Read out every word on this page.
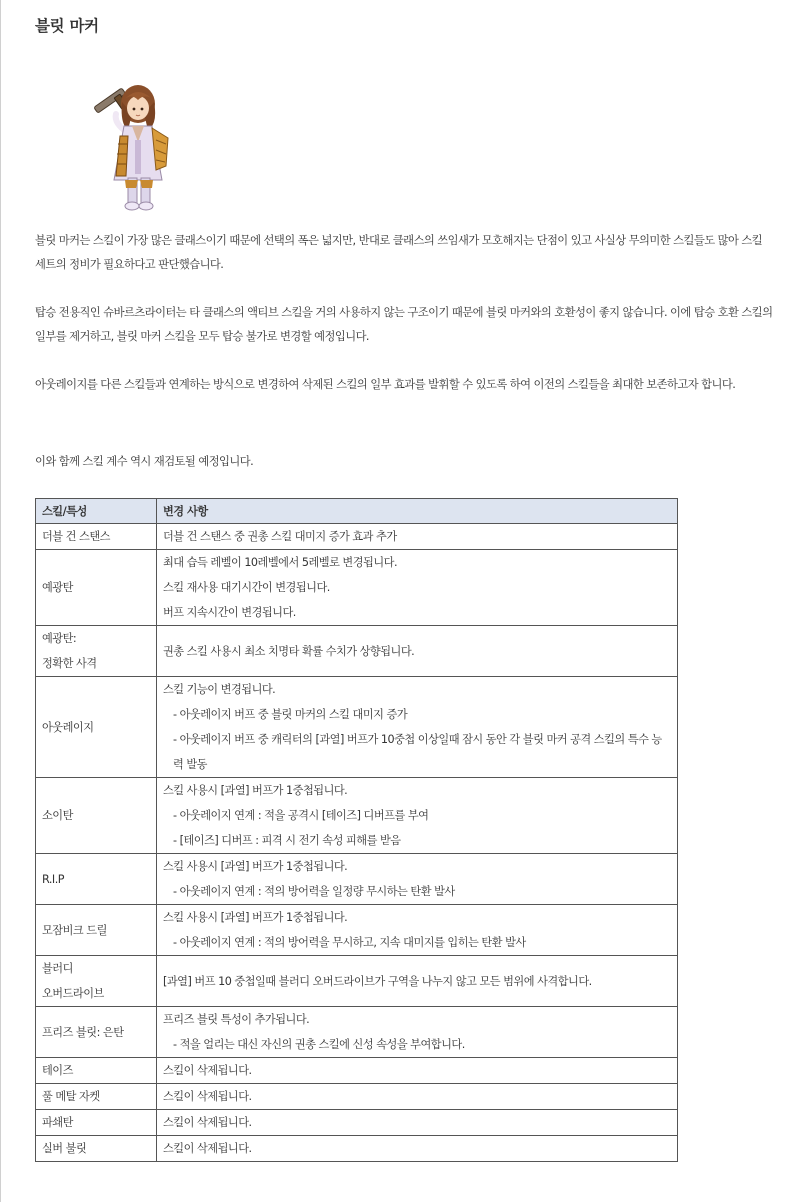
블릿 마커

블릿 마커는 스킬이 가장 많은 클래스이기 때문에 선택의 폭은 넓지만, 반대로 클래스의 쓰임새가 모호해지는 단점이 있고 사실상 무의미한 스킬들도 많아 스킬 세트의 정비가 필요하다고 판단했습니다.

탑승 전용직인 슈바르츠라이터는 타 클래스의 액티브 스킬을 거의 사용하지 않는 구조이기 때문에 블릿 마커와의 호환성이 좋지 않습니다. 이에 탑승 호환 스킬의 일부를 제거하고, 블릿 마커 스킬을 모두 탑승 불가로 변경할 예정입니다.

아웃레이지를 다른 스킬들과 연계하는 방식으로 변경하여 삭제된 스킬의 일부 효과를 발휘할 수 있도록 하여 이전의 스킬들을 최대한 보존하고자 합니다.

이와 함께 스킬 계수 역시 재검토될 예정입니다.

스킬/특성	변경 사항

더블 건 스탠스	더블 건 스탠스 중 권총 스킬 대미지 증가 효과 추가

예광탄	최대 습득 레벨이 10레벨에서 5레벨로 변경됩니다.
스킬 재사용 대기시간이 변경됩니다.
버프 지속시간이 변경됩니다.

예광탄:
정확한 사격	권총 스킬 사용시 최소 치명타 확률 수치가 상향됩니다.

아웃레이지	스킬 기능이 변경됩니다.
- 아웃레이지 버프 중 블릿 마커의 스킬 대미지 증가
- 아웃레이지 버프 중 캐릭터의 [과열] 버프가 10중첩 이상일때 잠시 동안 각 블릿 마커 공격 스킬의 특수 능력 발동

소이탄	스킬 사용시 [과열] 버프가 1중첩됩니다.
- 아웃레이지 연계 : 적을 공격시 [테이즈] 디버프를 부여
- [테이즈] 디버프 : 피격 시 전기 속성 피해를 받음

R.I.P	스킬 사용시 [과열] 버프가 1중첩됩니다.
- 아웃레이지 연계 : 적의 방어력을 일정량 무시하는 탄환 발사

모잠비크 드릴	스킬 사용시 [과열] 버프가 1중첩됩니다.
- 아웃레이지 연계 : 적의 방어력을 무시하고, 지속 대미지를 입히는 탄환 발사

블러디
오버드라이브	[과열] 버프 10 중첩일때 블러디 오버드라이브가 구역을 나누지 않고 모든 범위에 사격합니다.

프리즈 블릿: 은탄	프리즈 블릿 특성이 추가됩니다.
- 적을 얼리는 대신 자신의 권총 스킬에 신성 속성을 부여합니다.

테이즈	스킬이 삭제됩니다.

풀 메탈 자켓	스킬이 삭제됩니다.

파쇄탄	스킬이 삭제됩니다.

실버 불릿	스킬이 삭제됩니다.
